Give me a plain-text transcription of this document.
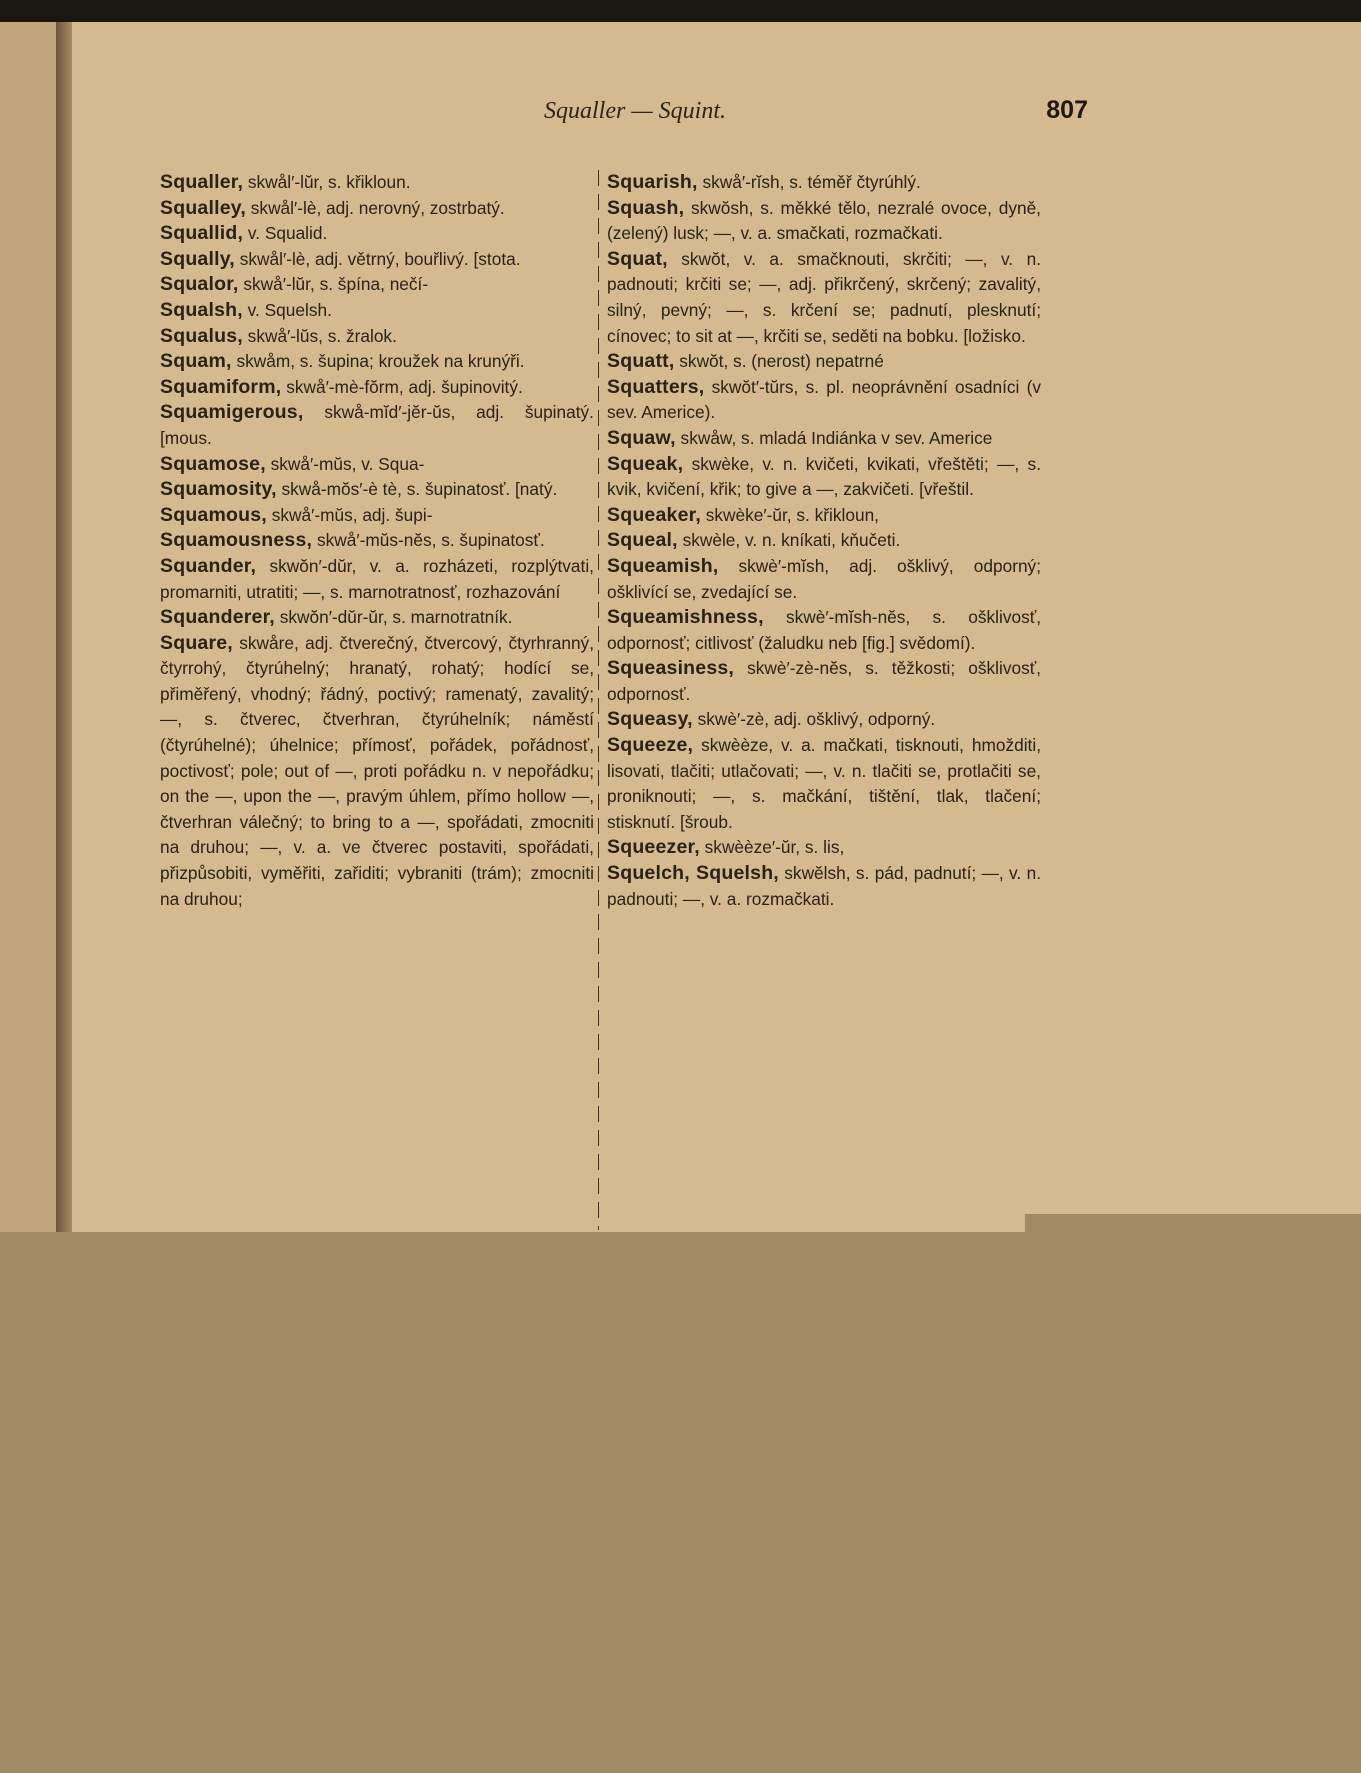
Squaller — Squint.	807

Squaller, skwål′-lŭr, s. křikloun.

Squalley, skwål′-lè, adj. nerovný, zostrbatý.

Squallid, v. Squalid.

Squally, skwål′-lè, adj. větrný, bouřlivý. [stota.

Squalor, skwå′-lŭr, s. špína, nečí-

Squalsh, v. Squelsh.

Squalus, skwå′-lŭs, s. žralok.

Squam, skwåm, s. šupina; kroužek na krunýři.

Squamiform, skwå′-mè-fŏrm, adj. šupinovitý.

Squamigerous, skwå-mĭd′-jĕr-ŭs, adj. šupinatý. [mous.

Squamose, skwå′-mŭs, v. Squa-

Squamosity, skwå-mŏs′-è tè, s. šupinatosť. [natý.

Squamous, skwå′-mŭs, adj. šupi-

Squamousness, skwå′-mŭs-nĕs, s. šupinatosť.

Squander, skwŏn′-dŭr, v. a. rozházeti, rozplýtvati, promarniti, utratiti; —, s. marnotratnosť, rozhazování

Squanderer, skwŏn′-dŭr-ŭr, s. marnotratník.

Square, skwåre, adj. čtverečný, čtvercový, čtyrhranný, čtyrrohý, čtyrúhelný; hranatý, rohatý; hodící se, přiměřený, vhodný; řádný, poctivý; ramenatý, zavalitý; —, s. čtverec, čtverhran, čtyrúhelník; náměstí (čtyrúhelné); úhelnice; přímosť, pořádek, pořádnosť, poctivosť; pole; out of —, proti pořádku n. v nepořádku; on the —, upon the —, pravým úhlem, přímo hollow —, čtverhran válečný; to bring to a —, spořádati, zmocniti na druhou; —, v. a. ve čtverec postaviti, spořádati, přizpůsobiti, vyměřiti, zařiditi; vybraniti (trám); zmocniti na druhou;

Squarish, skwå′-rĭsh, s. téměř čtyrúhlý.

Squash, skwŏsh, s. měkké tělo, nezralé ovoce, dyně, (zelený) lusk; —, v. a. smačkati, rozmačkati.

Squat, skwŏt, v. a. smačknouti, skrčiti; —, v. n. padnouti; krčiti se; —, adj. přikrčený, skrčený; zavalitý, silný, pevný; —, s. krčení se; padnutí, plesknutí; cínovec; to sit at —, krčiti se, seděti na bobku. [ložisko.

Squatt, skwŏt, s. (nerost) nepatrné

Squatters, skwŏt′-tŭrs, s. pl. neoprávnění osadníci (v sev. Americe).

Squaw, skwåw, s. mladá Indiánka v sev. Americe

Squeak, skwèke, v. n. kvičeti, kvikati, vřeštěti; —, s. kvik, kvičení, křik; to give a —, zakvičeti. [vřeštil.

Squeaker, skwèke′-ŭr, s. křikloun,

Squeal, skwèle, v. n. kníkati, kňučeti.

Squeamish, skwè′-mĭsh, adj. ošklivý, odporný; ošklivící se, zvedající se.

Squeamishness, skwè′-mĭsh-nĕs, s. ošklivosť, odpornosť; citlivosť (žaludku neb [fig.] svědomí).

Squeasiness, skwè′-zè-nĕs, s. těžkosti; ošklivosť, odpornosť.

Squeasy, skwè′-zè, adj. ošklivý, odporný.

Squeeze, skwèèze, v. a. mačkati, tisknouti, hmožditi, lisovati, tlačiti; utlačovati; —, v. n. tlačiti se, protlačiti se, proniknouti; —, s. mačkání, tištění, tlak, tlačení; stisknutí. [šroub.

Squeezer, skwèèze′-ŭr, s. lis,

Squelch, Squelsh, skwĕlsh, s. pád, padnutí; —, v. n. padnouti; —, v. a. rozmačkati.
